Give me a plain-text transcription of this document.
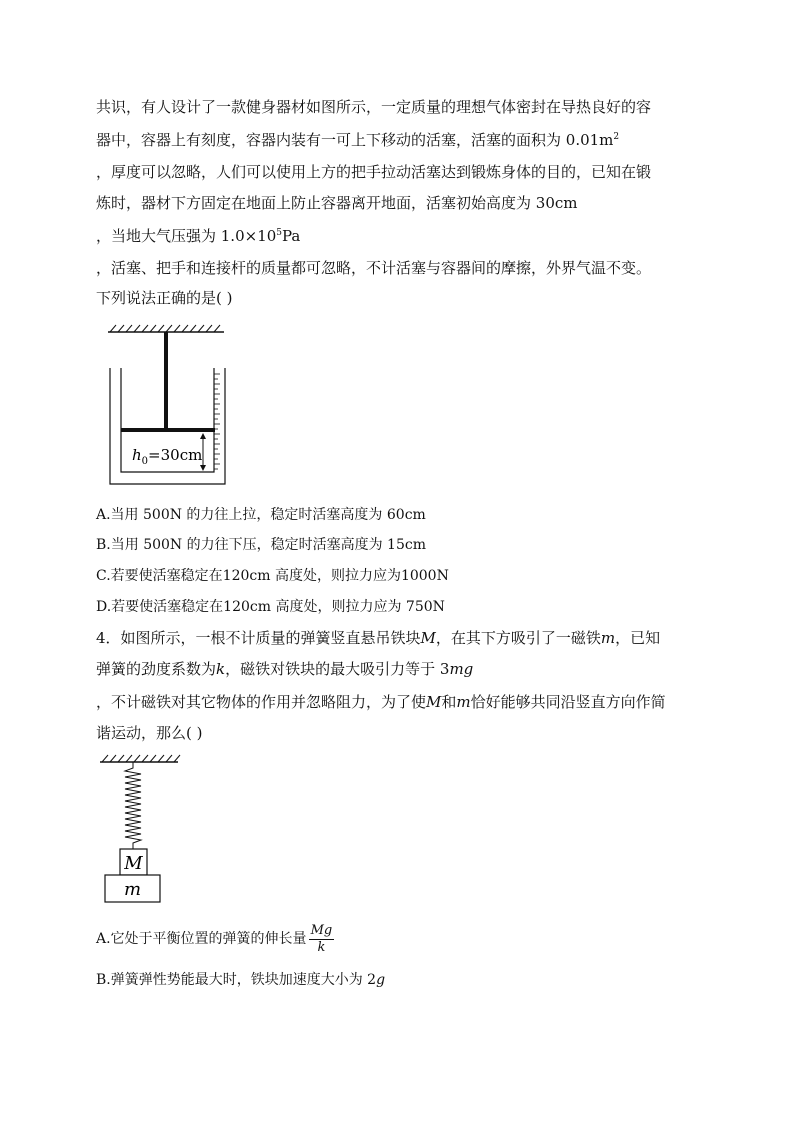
共识，有人设计了一款健身器材如图所示，一定质量的理想气体密封在导热良好的容
器中，容器上有刻度，容器内装有一可上下移动的活塞，活塞的面积为 $0.01m^2$
，厚度可以忽略，人们可以使用上方的把手拉动活塞达到锻炼身体的目的，已知在锻
炼时，器材下方固定在地面上防止容器离开地面，活塞初始高度为 30cm
，当地大气压强为 $1.0\times 10^5Pa$
，活塞、把手和连接杆的质量都可忽略，不计活塞与容器间的摩擦，外界气温不变。
下列说法正确的是( )
$h_0=30cm$
A.当用 500N 的力往上拉，稳定时活塞高度为 60cm
B.当用 500N 的力往下压，稳定时活塞高度为 15cm
C.若要使活塞稳定在120cm 高度处，则拉力应为1000N
D.若要使活塞稳定在120cm 高度处，则拉力应为 750N
4．如图所示，一根不计质量的弹簧竖直悬吊铁块M，在其下方吸引了一磁铁m，已知
弹簧的劲度系数为k，磁铁对铁块的最大吸引力等于 3mg
，不计磁铁对其它物体的作用并忽略阻力，为了使M和m恰好能够共同沿竖直方向作简
谐运动，那么( )
M
m
A.它处于平衡位置的弹簧的伸长量 $\frac{Mg}{k}$
B.弹簧弹性势能最大时，铁块加速度大小为 2g
